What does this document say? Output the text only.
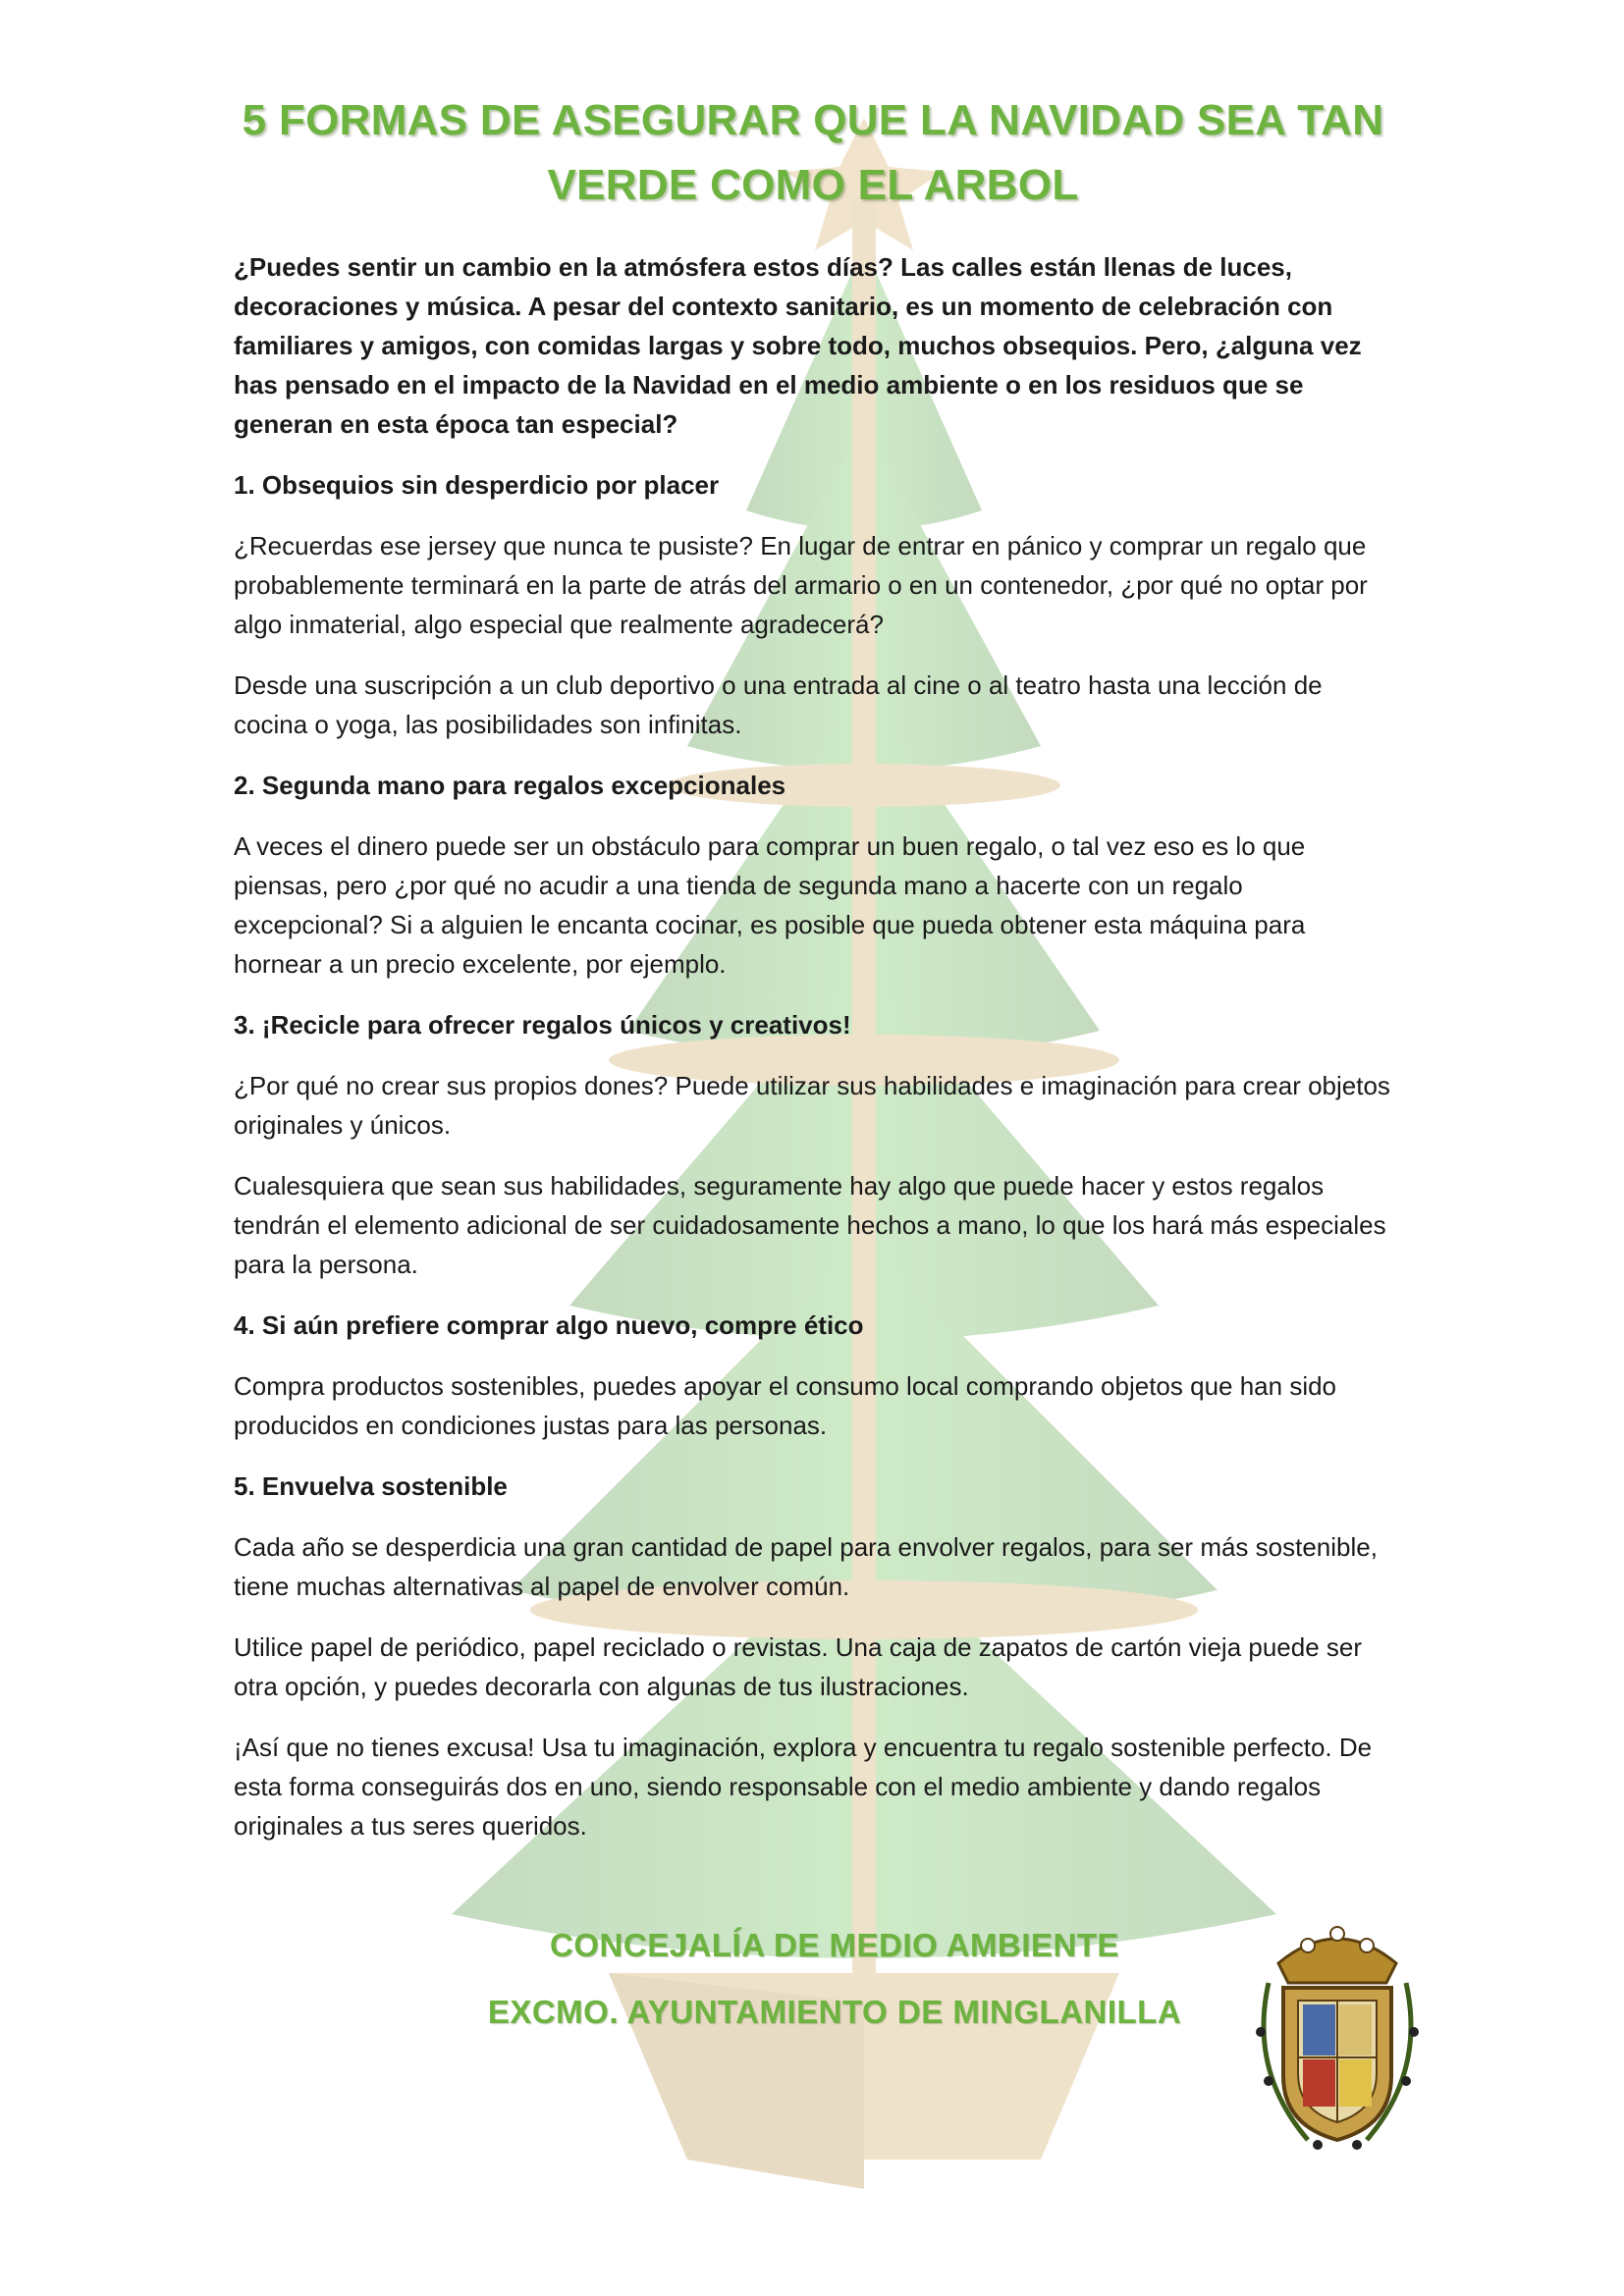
5 FORMAS DE ASEGURAR QUE LA NAVIDAD SEA TAN
VERDE COMO EL ARBOL

¿Puedes sentir un cambio en la atmósfera estos días? Las calles están llenas de luces, decoraciones y música. A pesar del contexto sanitario, es un momento de celebración con familiares y amigos, con comidas largas y sobre todo, muchos obsequios. Pero, ¿alguna vez has pensado en el impacto de la Navidad en el medio ambiente o en los residuos que se generan en esta época tan especial?

1. Obsequios sin desperdicio por placer

¿Recuerdas ese jersey que nunca te pusiste? En lugar de entrar en pánico y comprar un regalo que probablemente terminará en la parte de atrás del armario o en un contenedor, ¿por qué no optar por algo inmaterial, algo especial que realmente agradecerá?

Desde una suscripción a un club deportivo o una entrada al cine o al teatro hasta una lección de cocina o yoga, las posibilidades son infinitas.

2. Segunda mano para regalos excepcionales

A veces el dinero puede ser un obstáculo para comprar un buen regalo, o tal vez eso es lo que piensas, pero ¿por qué no acudir a una tienda de segunda mano a hacerte con un regalo excepcional? Si a alguien le encanta cocinar, es posible que pueda obtener esta máquina para hornear a un precio excelente, por ejemplo.

3. ¡Recicle para ofrecer regalos únicos y creativos!

¿Por qué no crear sus propios dones? Puede utilizar sus habilidades e imaginación para crear objetos originales y únicos.

Cualesquiera que sean sus habilidades, seguramente hay algo que puede hacer y estos regalos tendrán el elemento adicional de ser cuidadosamente hechos a mano, lo que los hará más especiales para la persona.

4. Si aún prefiere comprar algo nuevo, compre ético

Compra productos sostenibles, puedes apoyar el consumo local comprando objetos que han sido producidos en condiciones justas para las personas.

5. Envuelva sostenible

Cada año se desperdicia una gran cantidad de papel para envolver regalos, para ser más sostenible, tiene muchas alternativas al papel de envolver común.

Utilice papel de periódico, papel reciclado o revistas. Una caja de zapatos de cartón vieja puede ser otra opción, y puedes decorarla con algunas de tus ilustraciones.

¡Así que no tienes excusa! Usa tu imaginación, explora y encuentra tu regalo sostenible perfecto. De esta forma conseguirás dos en uno, siendo responsable con el medio ambiente y dando regalos originales a tus seres queridos.

CONCEJALÍA DE MEDIO AMBIENTE
EXCMO. AYUNTAMIENTO DE MINGLANILLA
